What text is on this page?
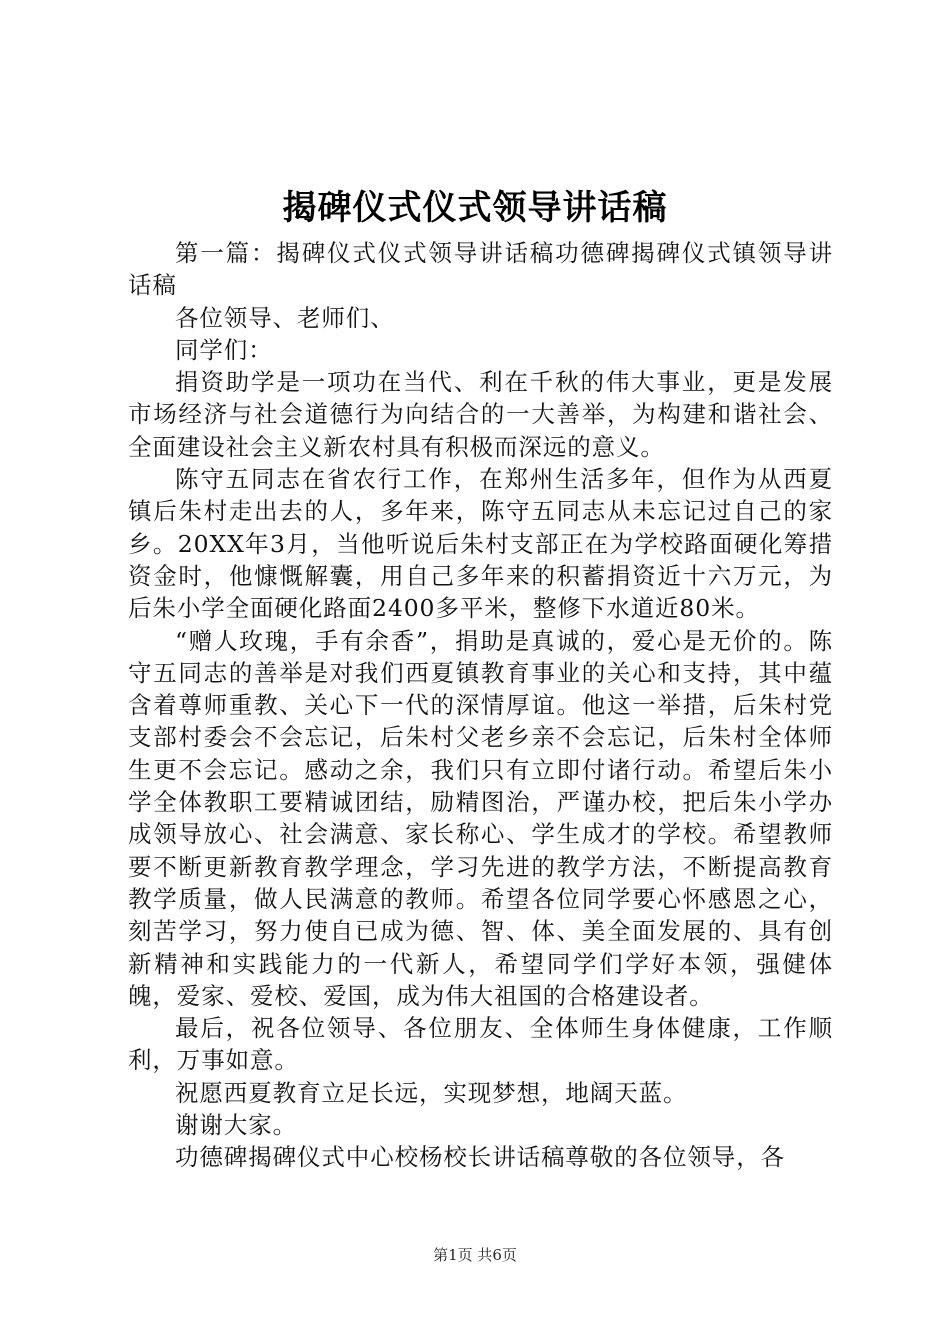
揭碑仪式仪式领导讲话稿

第一篇：揭碑仪式仪式领导讲话稿功德碑揭碑仪式镇领导讲话稿

各位领导、老师们、

同学们：

捐资助学是一项功在当代、利在千秋的伟大事业，更是发展市场经济与社会道德行为向结合的一大善举，为构建和谐社会、全面建设社会主义新农村具有积极而深远的意义。

陈守五同志在省农行工作，在郑州生活多年，但作为从西夏镇后朱村走出去的人，多年来，陈守五同志从未忘记过自己的家乡。20XX年3月，当他听说后朱村支部正在为学校路面硬化筹措资金时，他慷慨解囊，用自己多年来的积蓄捐资近十六万元，为后朱小学全面硬化路面2400多平米，整修下水道近80米。

“赠人玫瑰，手有余香”，捐助是真诚的，爱心是无价的。陈守五同志的善举是对我们西夏镇教育事业的关心和支持，其中蕴含着尊师重教、关心下一代的深情厚谊。他这一举措，后朱村党支部村委会不会忘记，后朱村父老乡亲不会忘记，后朱村全体师生更不会忘记。感动之余，我们只有立即付诸行动。希望后朱小学全体教职工要精诚团结，励精图治，严谨办校，把后朱小学办成领导放心、社会满意、家长称心、学生成才的学校。希望教师要不断更新教育教学理念，学习先进的教学方法，不断提高教育教学质量，做人民满意的教师。希望各位同学要心怀感恩之心，刻苦学习，努力使自已成为德、智、体、美全面发展的、具有创新精神和实践能力的一代新人，希望同学们学好本领，强健体魄，爱家、爱校、爱国，成为伟大祖国的合格建设者。

最后，祝各位领导、各位朋友、全体师生身体健康，工作顺利，万事如意。

祝愿西夏教育立足长远，实现梦想，地阔天蓝。

谢谢大家。

功德碑揭碑仪式中心校杨校长讲话稿尊敬的各位领导，各

第1页 共6页
